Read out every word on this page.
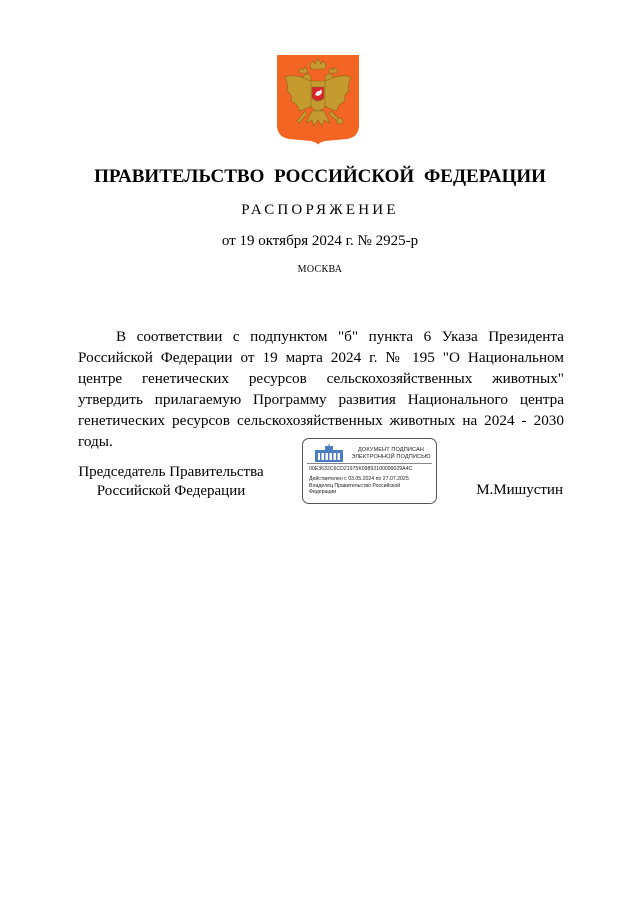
ПРАВИТЕЛЬСТВО РОССИЙСКОЙ ФЕДЕРАЦИИ
РАСПОРЯЖЕНИЕ
от 19 октября 2024 г. № 2925-р
МОСКВА

В соответствии с подпунктом "б" пункта 6 Указа Президента Российской Федерации от 19 марта 2024 г. № 195 "О Национальном центре генетических ресурсов сельскохозяйственных животных" утвердить прилагаемую Программу развития Национального центра генетических ресурсов сельскохозяйственных животных на 2024 - 2030 годы.

Председатель Правительства
Российской Федерации
ДОКУМЕНТ ПОДПИСАН
ЭЛЕКТРОННОЙ ПОДПИСЬЮ
00E3632C6CD21975K09892100099029A4C
Действителен с 03.05.2024 по 27.07.2025
Владелец Правительство Российской
Федерации	М.Мишустин
